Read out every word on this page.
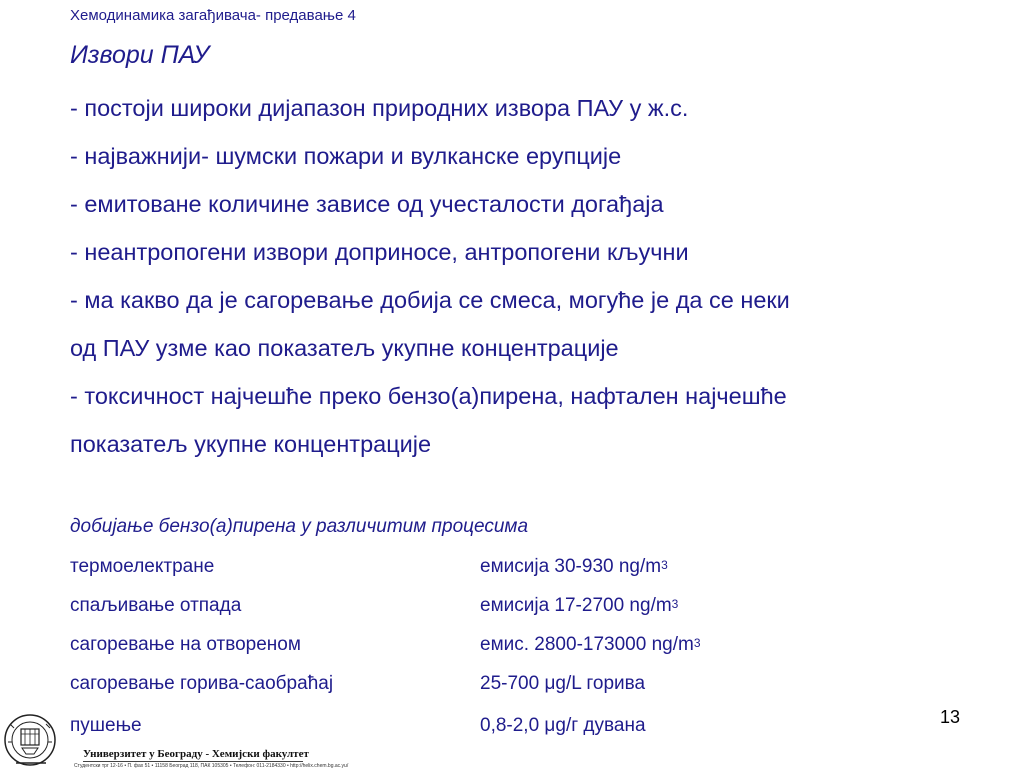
Хемодинамика загађивача- предавање 4
Извори ПАУ
- постоји широки дијапазон природних извора ПАУ у ж.с.
- најважнији- шумски пожари и вулканске ерупције
- емитоване количине зависе од учесталости догађаја
- неантропогени извори доприносе, антропогени кључни
- ма какво да је сагоревање добија се смеса, могуће је да се неки
од ПАУ узме као показатељ укупне концентрације
- токсичност најчешће преко бензо(а)пирена, нафтален најчешће
показатељ укупне концентрације
добијање бензо(а)пирена у различитим процесима
термоелектране	емисија 30-930 $ng/m^3$
спаљивање отпада	емисија 17-2700 $ng/m^3$
сагоревање на отвореном	емис. 2800-173000 $ng/m^3$
сагоревање горива-саобраћај	25-700 μg/L горива
пушење	0,8-2,0 μg/г дувана	13
Универзитет у Београду - Хемијски факултет
Студентски трг 12-16 • П. фах 51 • 11158 Београд 118, ПАК 105305 • Телефон: 011-2184330 • http://helix.chem.bg.ac.yu/
